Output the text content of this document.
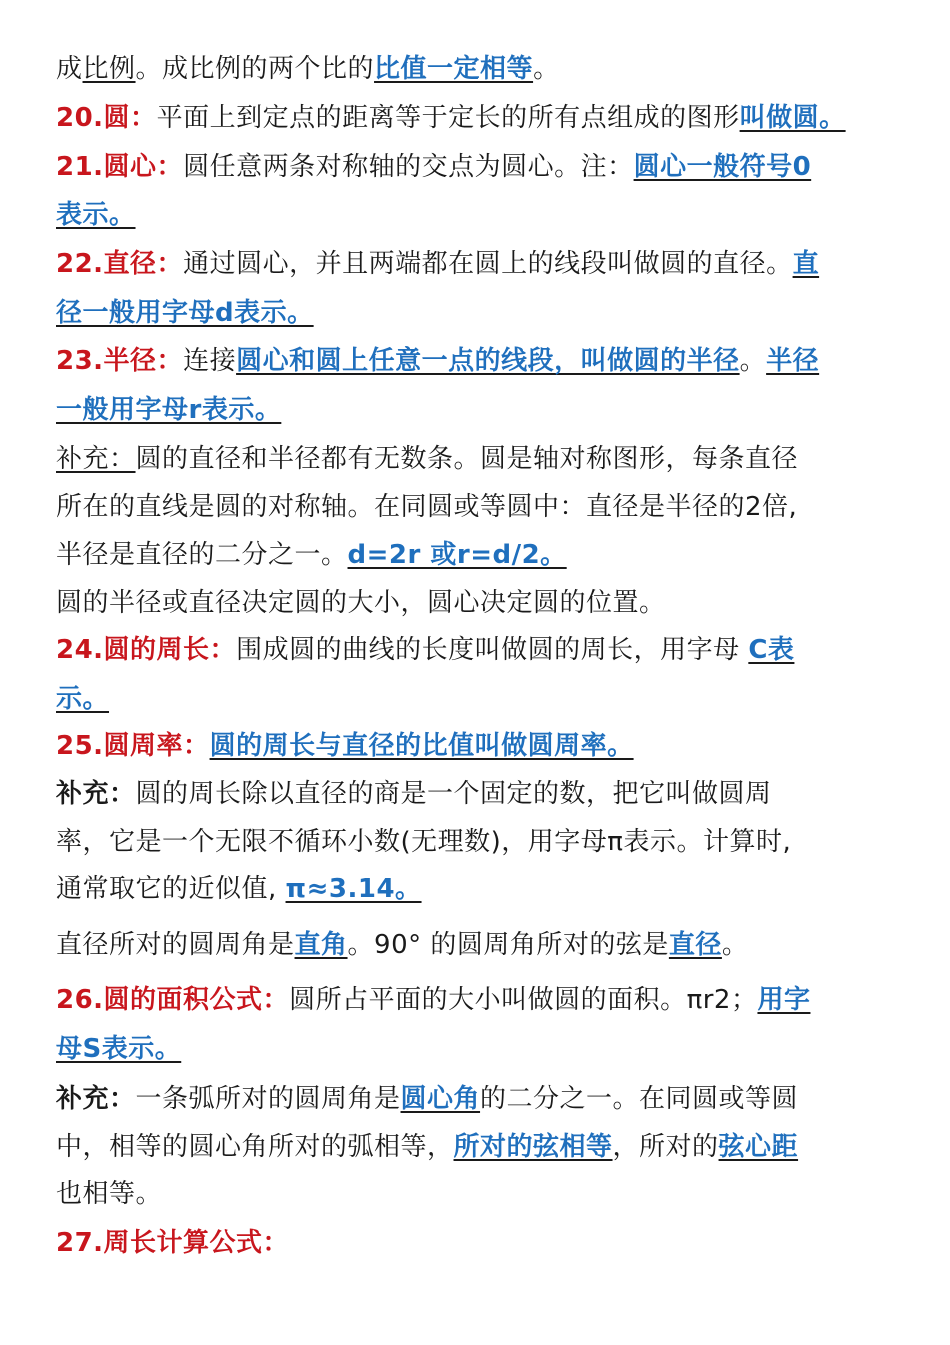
成比例。成比例的两个比的比值一定相等。
20.圆：平面上到定点的距离等于定长的所有点组成的图形叫做圆。
21.圆心：圆任意两条对称轴的交点为圆心。注：圆心一般符号0
表示。
22.直径：通过圆心，并且两端都在圆上的线段叫做圆的直径。直
径一般用字母d表示。
23.半径：连接圆心和圆上任意一点的线段，叫做圆的半径。半径
一般用字母r表示。
补充：圆的直径和半径都有无数条。圆是轴对称图形，每条直径
所在的直线是圆的对称轴。在同圆或等圆中：直径是半径的2倍,
半径是直径的二分之一。d=2r 或r=d/2。
圆的半径或直径决定圆的大小，圆心决定圆的位置。
24.圆的周长：围成圆的曲线的长度叫做圆的周长，用字母 C表
示。
25.圆周率：圆的周长与直径的比值叫做圆周率。
补充：圆的周长除以直径的商是一个固定的数，把它叫做圆周
率，它是一个无限不循环小数(无理数)，用字母π表示。计算时,
通常取它的近似值, π≈3.14。
直径所对的圆周角是直角。90° 的圆周角所对的弦是直径。
26.圆的面积公式：圆所占平面的大小叫做圆的面积。πr2；用字
母S表示。
补充：一条弧所对的圆周角是圆心角的二分之一。在同圆或等圆
中，相等的圆心角所对的弧相等，所对的弦相等，所对的弦心距
也相等。
27.周长计算公式：
